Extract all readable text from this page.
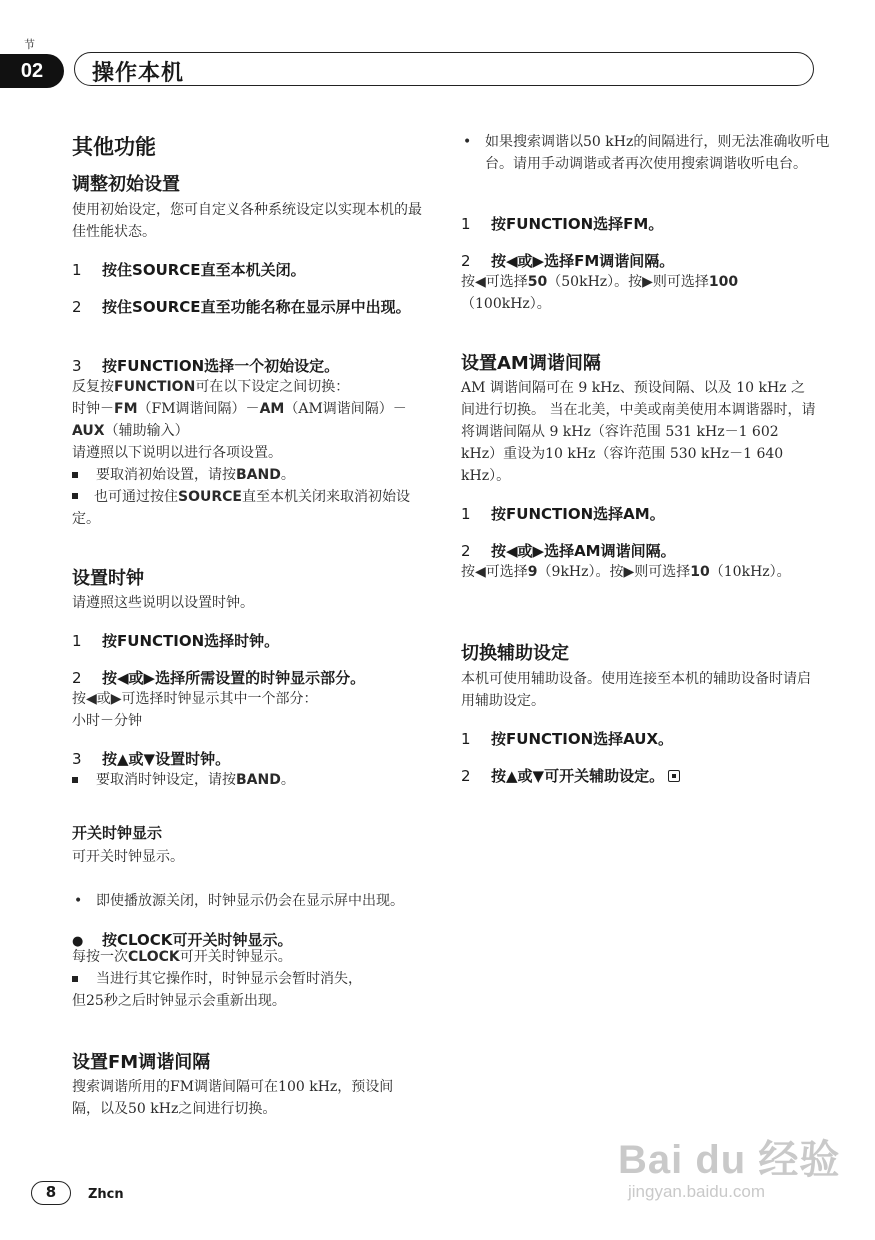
节
02	操作本机
其他功能
调整初始设置
使用初始设定，您可自定义各种系统设定以实现本机的最佳性能状态。
1 按住SOURCE直至本机关闭。
2 按住SOURCE直至功能名称在显示屏中出现。
3 按FUNCTION选择一个初始设定。
反复按FUNCTION可在以下设定之间切换：
时钟－FM（FM调谐间隔）－AM（AM调谐间隔）－AUX（辅助输入）
请遵照以下说明以进行各项设置。
要取消初始设置，请按BAND。
也可通过按住SOURCE直至本机关闭来取消初始设定。
设置时钟
请遵照这些说明以设置时钟。
1 按FUNCTION选择时钟。
2 按◀或▶选择所需设置的时钟显示部分。
按◀或▶可选择时钟显示其中一个部分：
小时－分钟
3 按▲或▼设置时钟。
要取消时钟设定，请按BAND。
开关时钟显示
可开关时钟显示。
• 即使播放源关闭，时钟显示仍会在显示屏中出现。
● 按CLOCK可开关时钟显示。
每按一次CLOCK可开关时钟显示。
当进行其它操作时，时钟显示会暂时消失，
但25秒之后时钟显示会重新出现。
设置FM调谐间隔
搜索调谐所用的FM调谐间隔可在100 kHz，预设间隔，以及50 kHz之间进行切换。
• 如果搜索调谐以50 kHz的间隔进行，则无法准确收听电台。请用手动调谐或者再次使用搜索调谐收听电台。
1 按FUNCTION选择FM。
2 按◀或▶选择FM调谐间隔。
按◀可选择50（50kHz）。按▶则可选择100（100kHz）。
设置AM调谐间隔
AM 调谐间隔可在 9 kHz、预设间隔、以及 10 kHz 之间进行切换。 当在北美，中美或南美使用本调谐器时，请将调谐间隔从 9 kHz（容许范围 531 kHz－1 602 kHz）重设为10 kHz（容许范围 530 kHz－1 640 kHz）。
1 按FUNCTION选择AM。
2 按◀或▶选择AM调谐间隔。
按◀可选择9（9kHz）。按▶则可选择10（10kHz）。
切换辅助设定
本机可使用辅助设备。使用连接至本机的辅助设备时请启用辅助设定。
1 按FUNCTION选择AUX。
2 按▲或▼可开关辅助设定。
8	Zhcn
Bai du 经验
jingyan.baidu.com
